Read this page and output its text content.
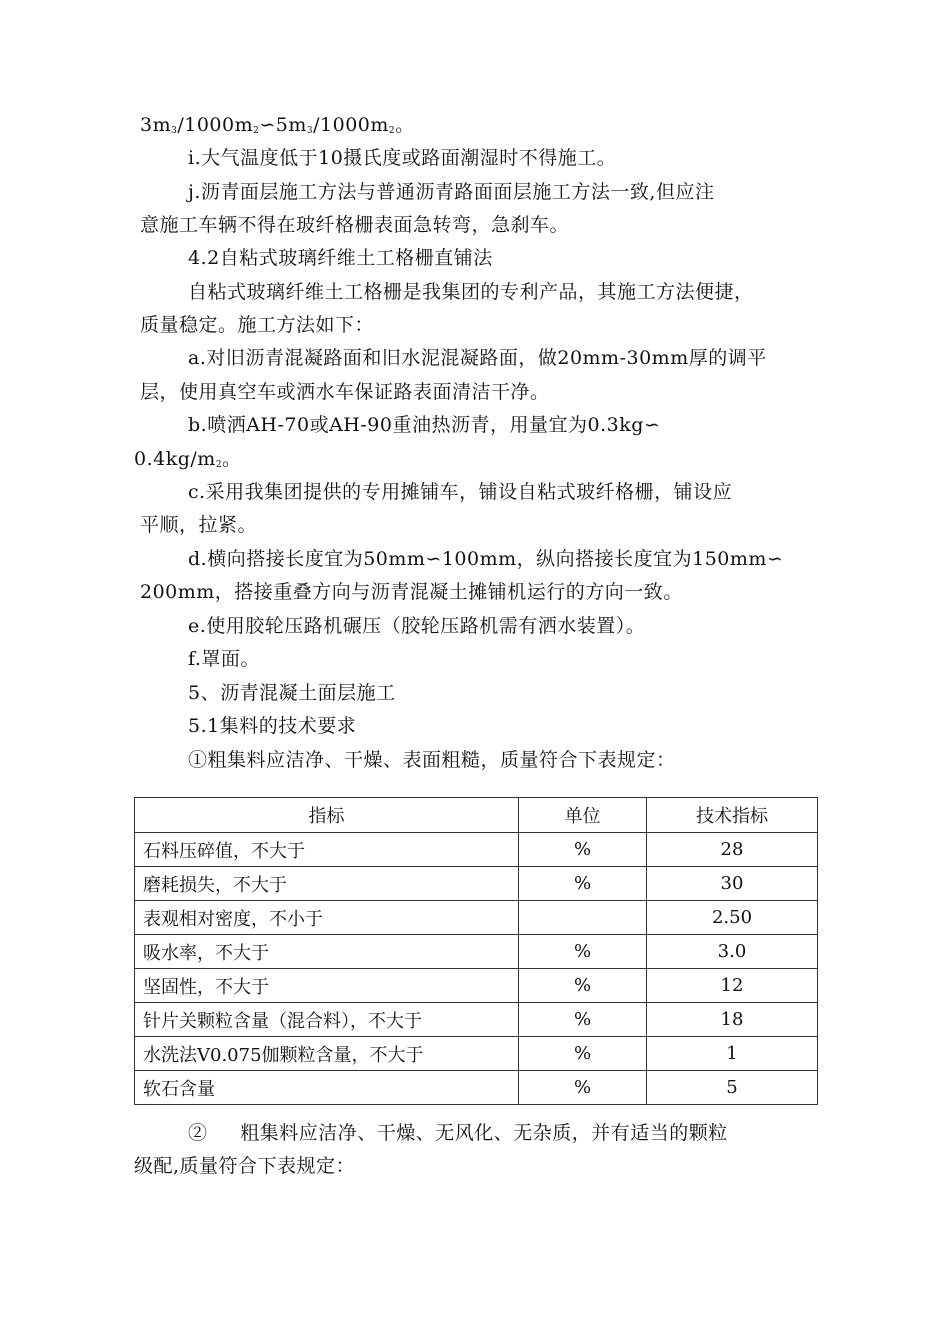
$3m_3/1000m_2∽5m_3/1000m_2$。
i.大气温度低于10摄氏度或路面潮湿时不得施工。
j.沥青面层施工方法与普通沥青路面面层施工方法一致,但应注
意施工车辆不得在玻纤格栅表面急转弯，急刹车。
4.2自粘式玻璃纤维土工格栅直铺法
自粘式玻璃纤维土工格栅是我集团的专利产品，其施工方法便捷，
质量稳定。施工方法如下：
a.对旧沥青混凝路面和旧水泥混凝路面，做20mm-30mm厚的调平
层，使用真空车或洒水车保证路表面清洁干净。
b.喷洒AH-70或AH-90重油热沥青，用量宜为0.3kg∽
$0.4kg/m_2$。
c.采用我集团提供的专用摊铺车，铺设自粘式玻纤格栅，铺设应
平顺，拉紧。
d.横向搭接长度宜为50mm∽100mm，纵向搭接长度宜为150mm∽
200mm，搭接重叠方向与沥青混凝土摊铺机运行的方向一致。
e.使用胶轮压路机碾压（胶轮压路机需有洒水装置）。
f.罩面。
5、沥青混凝土面层施工
5.1集料的技术要求
①粗集料应洁净、干燥、表面粗糙，质量符合下表规定：
指标	单位	技术指标
石料压碎值，不大于	%	28
磨耗损失，不大于	%	30
表观相对密度，不小于		2.50
吸水率，不大于	%	3.0
坚固性，不大于	%	12
针片关颗粒含量（混合料），不大于	%	18
水洗法V0.075伽颗粒含量，不大于	%	1
软石含量	%	5
②     粗集料应洁净、干燥、无风化、无杂质，并有适当的颗粒
级配,质量符合下表规定：
